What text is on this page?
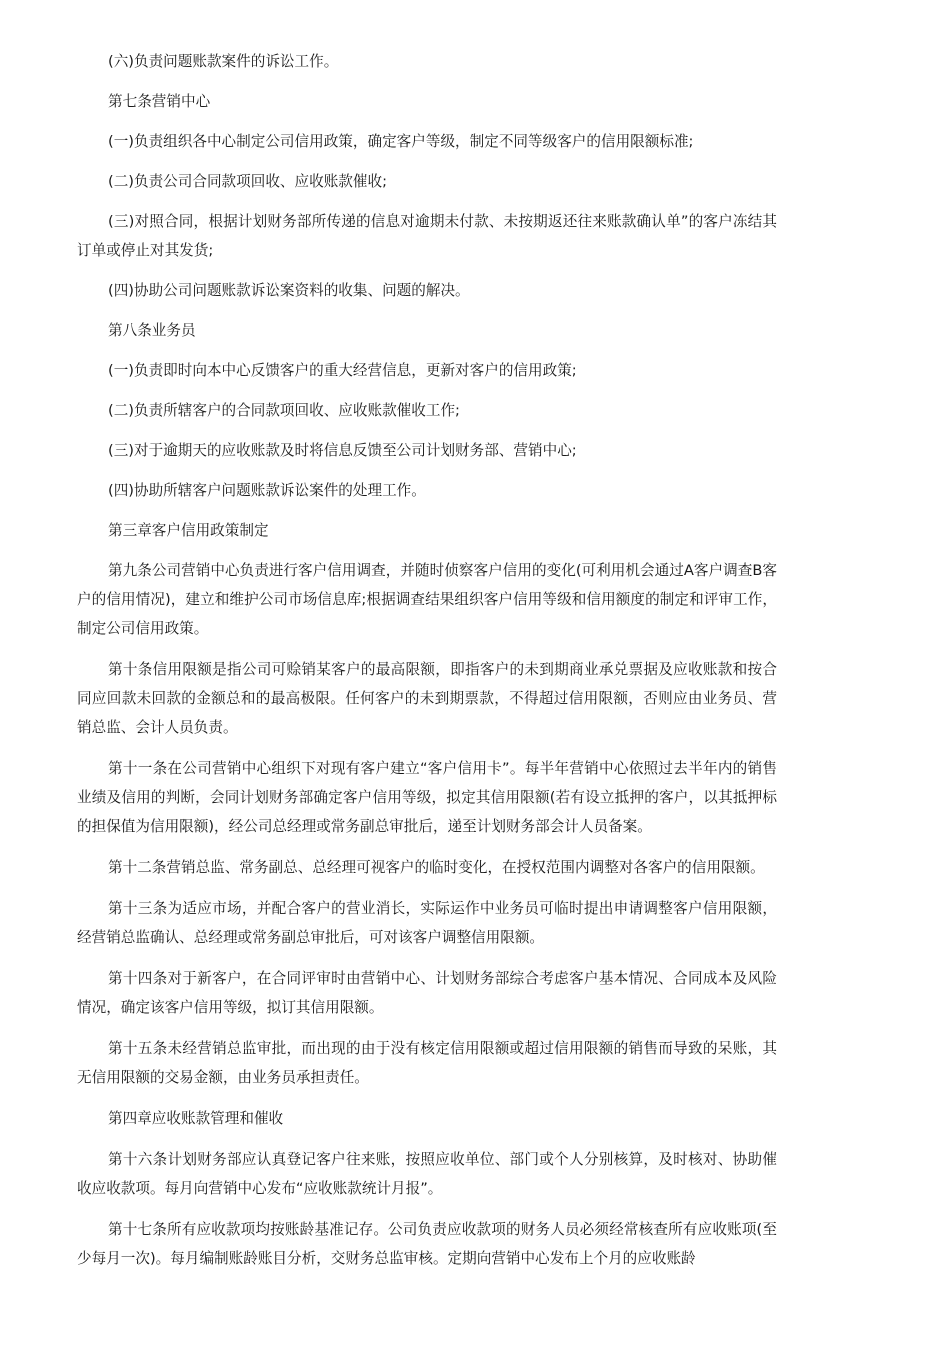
(六)负责问题账款案件的诉讼工作。

第七条营销中心

(一)负责组织各中心制定公司信用政策，确定客户等级，制定不同等级客户的信用限额标准;

(二)负责公司合同款项回收、应收账款催收;

(三)对照合同，根据计划财务部所传递的信息对逾期未付款、未按期返还往来账款确认单”的客户冻结其订单或停止对其发货;

(四)协助公司问题账款诉讼案资料的收集、问题的解决。

第八条业务员

(一)负责即时向本中心反馈客户的重大经营信息，更新对客户的信用政策;

(二)负责所辖客户的合同款项回收、应收账款催收工作;

(三)对于逾期天的应收账款及时将信息反馈至公司计划财务部、营销中心;

(四)协助所辖客户问题账款诉讼案件的处理工作。

第三章客户信用政策制定

第九条公司营销中心负责进行客户信用调查，并随时侦察客户信用的变化(可利用机会通过A客户调查B客户的信用情况)，建立和维护公司市场信息库;根据调查结果组织客户信用等级和信用额度的制定和评审工作，制定公司信用政策。

第十条信用限额是指公司可赊销某客户的最高限额，即指客户的未到期商业承兑票据及应收账款和按合同应回款未回款的金额总和的最高极限。任何客户的未到期票款，不得超过信用限额，否则应由业务员、营销总监、会计人员负责。

第十一条在公司营销中心组织下对现有客户建立“客户信用卡”。每半年营销中心依照过去半年内的销售业绩及信用的判断，会同计划财务部确定客户信用等级，拟定其信用限额(若有设立抵押的客户，以其抵押标的担保值为信用限额)，经公司总经理或常务副总审批后，递至计划财务部会计人员备案。

第十二条营销总监、常务副总、总经理可视客户的临时变化，在授权范围内调整对各客户的信用限额。

第十三条为适应市场，并配合客户的营业消长，实际运作中业务员可临时提出申请调整客户信用限额，经营销总监确认、总经理或常务副总审批后，可对该客户调整信用限额。

第十四条对于新客户，在合同评审时由营销中心、计划财务部综合考虑客户基本情况、合同成本及风险情况，确定该客户信用等级，拟订其信用限额。

第十五条未经营销总监审批，而出现的由于没有核定信用限额或超过信用限额的销售而导致的呆账，其无信用限额的交易金额，由业务员承担责任。

第四章应收账款管理和催收

第十六条计划财务部应认真登记客户往来账，按照应收单位、部门或个人分别核算，及时核对、协助催收应收款项。每月向营销中心发布“应收账款统计月报”。

第十七条所有应收款项均按账龄基准记存。公司负责应收款项的财务人员必须经常核查所有应收账项(至少每月一次)。每月编制账龄账目分析，交财务总监审核。定期向营销中心发布上个月的应收账龄
